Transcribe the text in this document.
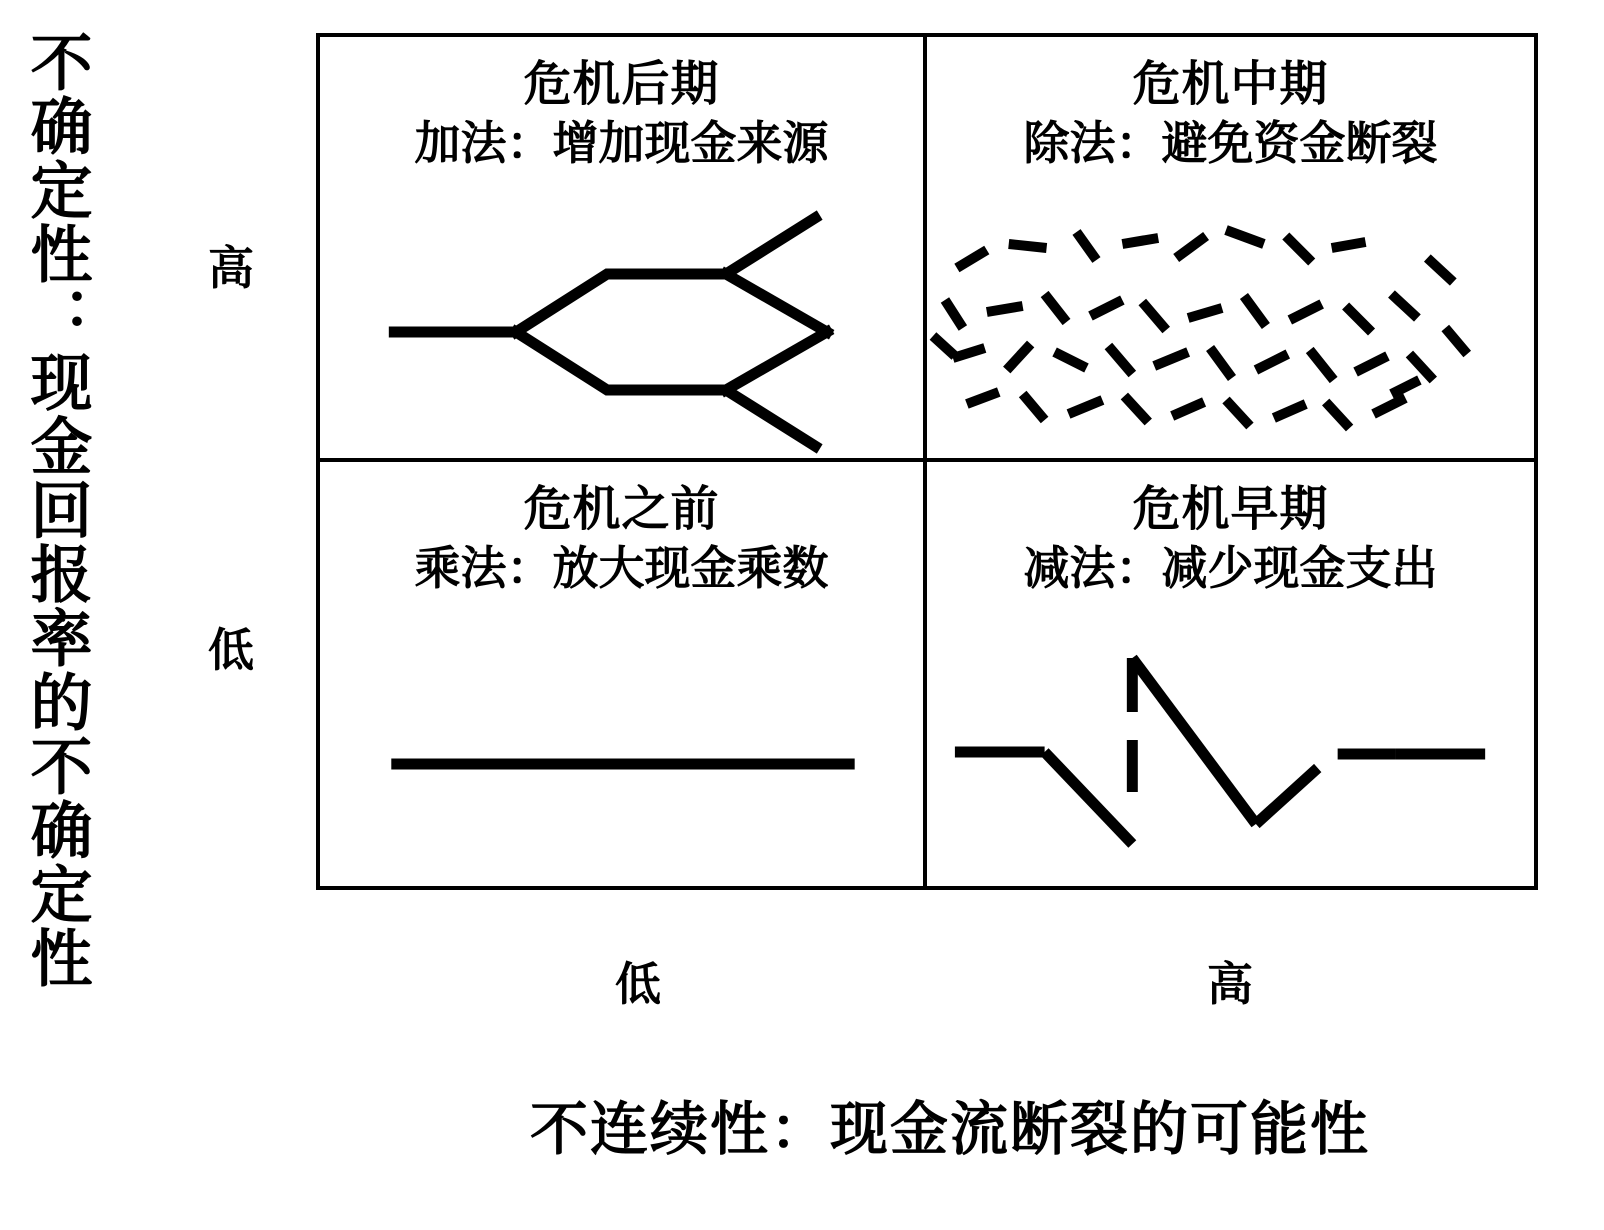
不确定性：现金回报率的不确定性	高
低
危机后期
加法：增加现金来源
危机中期
除法：避免资金断裂
危机之前
乘法：放大现金乘数
危机早期
减法：减少现金支出
低	高
不连续性：现金流断裂的可能性
